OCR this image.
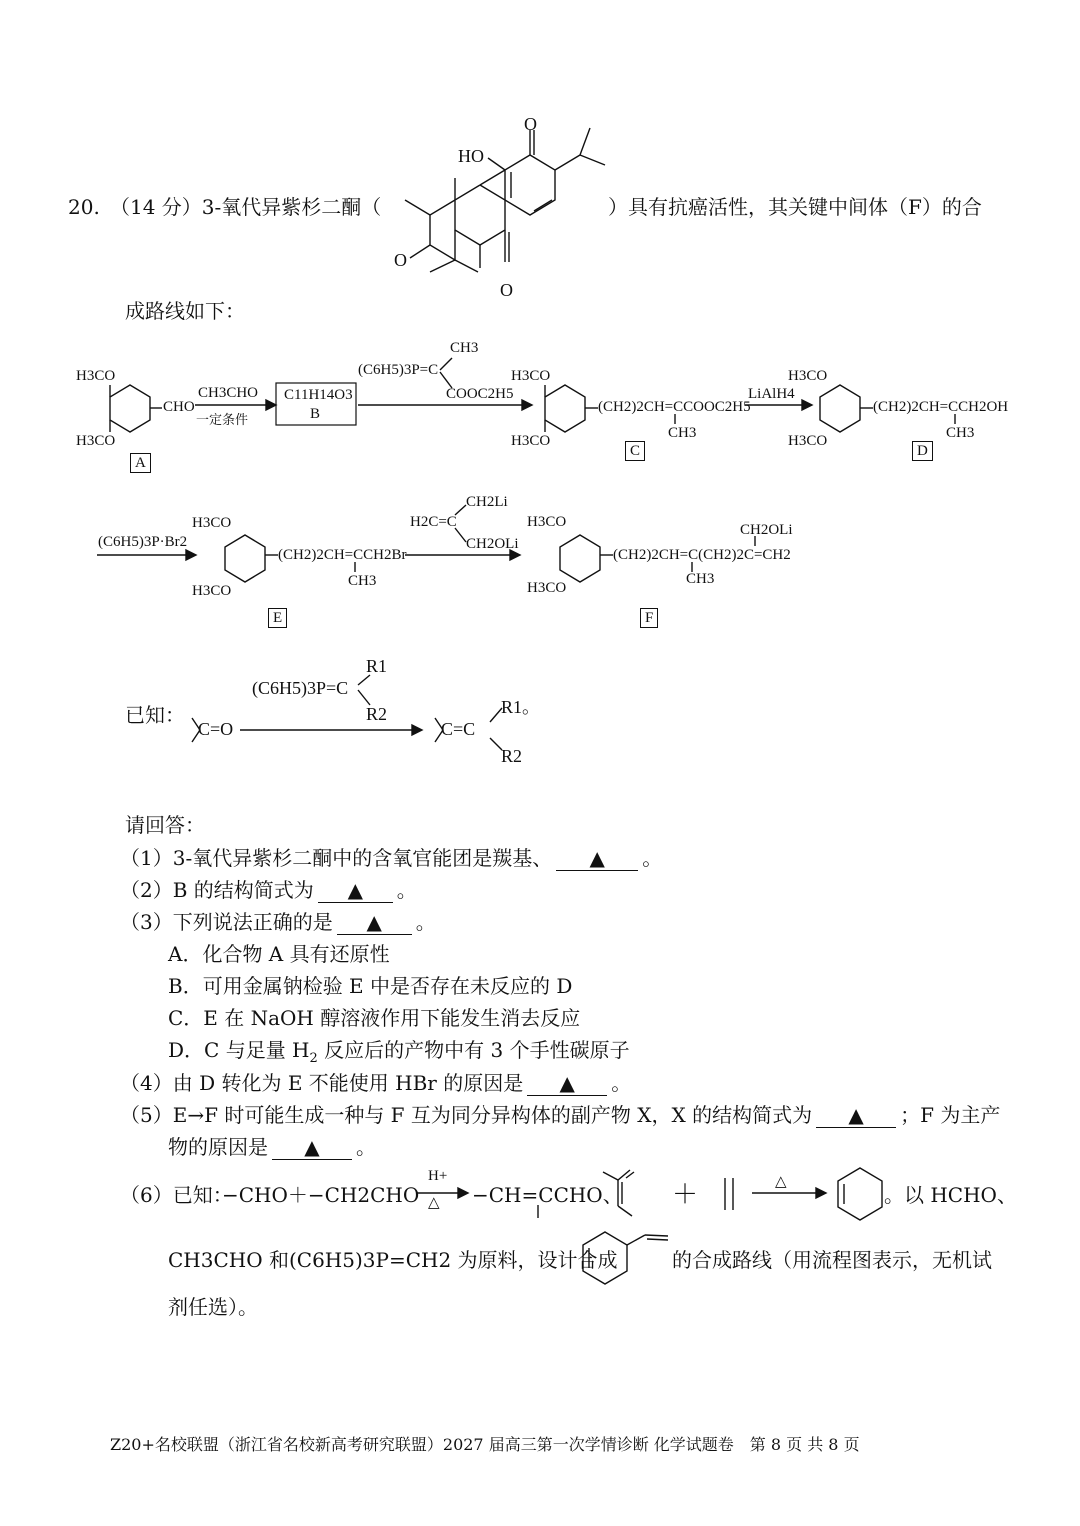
20. （14 分）3-氧代异紫杉二酮（	）具有抗癌活性，其关键中间体（F）的合
成路线如下：
HO
O
O
O
H3CO
H3CO
CHO
A
CH3CHO
一定条件
C11H14O3
B
(C6H5)3P=C
CH3
COOC2H5
H3CO
H3CO
(CH2)2CH=CCOOC2H5
CH3
C
LiAlH4
H3CO
H3CO
(CH2)2CH=CCH2OH
CH3
D
(C6H5)3P·Br2
H3CO
H3CO
(CH2)2CH=CCH2Br
CH3
E
H2C=C
CH2Li
CH2OLi
H3CO
H3CO
(CH2)2CH=C(CH2)2C=CH2
CH3
CH2OLi
F
已知：
(C6H5)3P=C
R1
R2
C=O	C=C
R1。
R2
请回答：
（1）3-氧代异紫杉二酮中的含氧官能团是羰基、 ▲ 。
（2）B 的结构简式为 ▲ 。
（3）下列说法正确的是 ▲ 。
A．化合物 A 具有还原性
B．可用金属钠检验 E 中是否存在未反应的 D
C．E 在 NaOH 醇溶液作用下能发生消去反应
D．C 与足量 $H_2$ 反应后的产物中有 3 个手性碳原子
（4）由 D 转化为 E 不能使用 HBr 的原因是 ▲ 。
（5）E→F 时可能生成一种与 F 互为同分异构体的副产物 X，X 的结构简式为 ▲ ；F 为主产
物的原因是 ▲ 。
（6）已知：
−CHO＋−CH2CHO
H+
△ −CH=CCHO、 ＋	△
。以 HCHO、
CH3CHO 和(C6H5)3P=CH2 为原料，设计合成	的合成路线（用流程图表示，无机试
剂任选）。
Z20+名校联盟（浙江省名校新高考研究联盟）2027 届高三第一次学情诊断 化学试题卷　第 8 页 共 8 页
